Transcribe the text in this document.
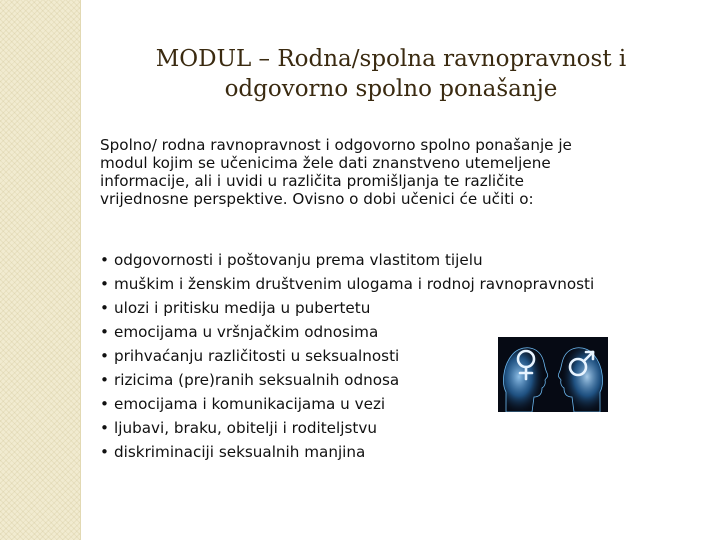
MODUL – Rodna/spolna ravnopravnost i
odgovorno spolno ponašanje

Spolno/ rodna ravnopravnost i odgovorno spolno ponašanje je
modul kojim se učenicima žele dati znanstveno utemeljene
informacije, ali i uvidi u različita promišljanja te različite
vrijednosne perspektive. Ovisno o dobi učenici će učiti o:

• odgovornosti i poštovanju prema vlastitom tijelu
• muškim i ženskim društvenim ulogama i rodnoj ravnopravnosti
• ulozi i pritisku medija u pubertetu
• emocijama u vršnjačkim odnosima
• prihvaćanju različitosti u seksualnosti
• rizicima (pre)ranih seksualnih odnosa
• emocijama i komunikacijama u vezi
• ljubavi, braku, obitelji i roditeljstvu
• diskriminaciji seksualnih manjina
